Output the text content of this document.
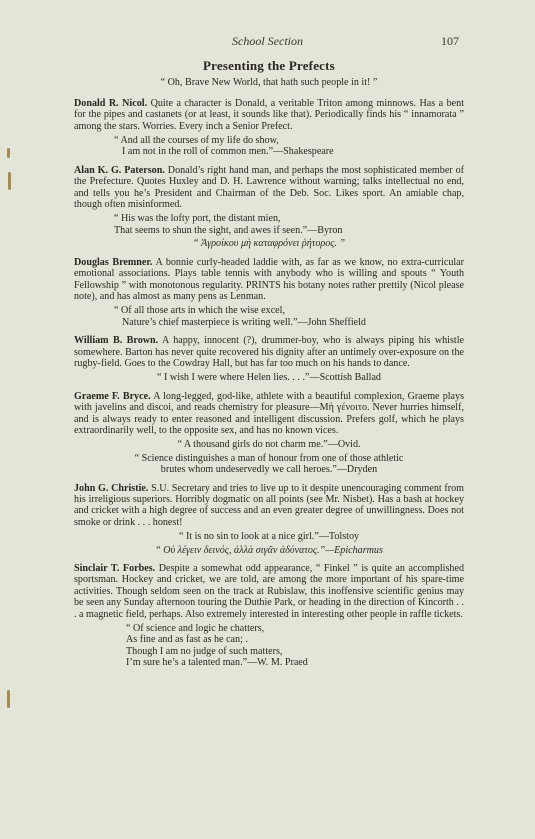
School Section	107
Presenting the Prefects
“ Oh, Brave New World, that hath such people in it! ”

Donald R. Nicol. Quite a character is Donald, a veritable Triton among minnows. Has a bent for the pipes and castanets (or at least, it sounds like that). Periodically finds his “ innamorata ” among the stars. Worries. Every inch a Senior Prefect.

“ And all the courses of my life do show,
I am not in the roll of common men.”—Shakespeare

Alan K. G. Paterson. Donald’s right hand man, and perhaps the most sophisticated member of the Prefecture. Quotes Huxley and D. H. Lawrence without warning; talks intellectual no end, and tells you he’s President and Chairman of the Deb. Soc. Likes sport. An amiable chap, though often misinformed.

“ His was the lofty port, the distant mien,
That seems to shun the sight, and awes if seen.”—Byron
“ Ἀγροίκου μὴ καταφρόνει ῥήτορος. ”

Douglas Bremner. A bonnie curly-headed laddie with, as far as we know, no extra-curricular emotional associations. Plays table tennis with anybody who is willing and spouts “ Youth Fellowship ” with monotonous regularity. PRINTS his botany notes rather prettily (Nicol please note), and has almost as many pens as Lenman.

“ Of all those arts in which the wise excel,
Nature’s chief masterpiece is writing well.”—John Sheffield

William B. Brown. A happy, innocent (?), drummer-boy, who is always piping his whistle somewhere. Barton has never quite recovered his dignity after an untimely over-exposure on the rugby-field. Goes to the Cowdray Hall, but has far too much on his hands to dance.

“ I wish I were where Helen lies. . . .”—Scottish Ballad

Graeme F. Bryce. A long-legged, god-like, athlete with a beautiful complexion, Graeme plays with javelins and discoi, and reads chemistry for pleasure—Μὴ γένοιτο. Never hurries himself, and is always ready to enter reasoned and intelligent discussion. Prefers golf, which he plays extraordinarily well, to the opposite sex, and has no known vices.

“ A thousand girls do not charm me.”—Ovid.
“ Science distinguishes a man of honour from one of those athletic
brutes whom undeservedly we call heroes.”—Dryden

John G. Christie. S.U. Secretary and tries to live up to it despite unencouraging comment from his irreligious superiors. Horribly dogmatic on all points (see Mr. Nisbet). Has a bash at hockey and cricket with a high degree of success and an even greater degree of unwillingness. Does not smoke or drink . . . honest!

“ It is no sin to look at a nice girl.”—Tolstoy
“ Οὐ λέγειν δεινός, ἀλλὰ σιγᾶν ἀδύνατος.”—Epicharmus

Sinclair T. Forbes. Despite a somewhat odd appearance, “ Finkel ” is quite an accomplished sportsman. Hockey and cricket, we are told, are among the more important of his spare-time activities. Though seldom seen on the track at Rubislaw, this inoffensive scientific genius may be seen any Sunday afternoon touring the Duthie Park, or heading in the direction of Kincorth . . . a magnetic field, perhaps. Also extremely interested in interesting other people in raffle tickets.

“ Of science and logic he chatters,
As fine and as fast as he can; .
Though I am no judge of such matters,
I’m sure he’s a talented man.”—W. M. Praed
